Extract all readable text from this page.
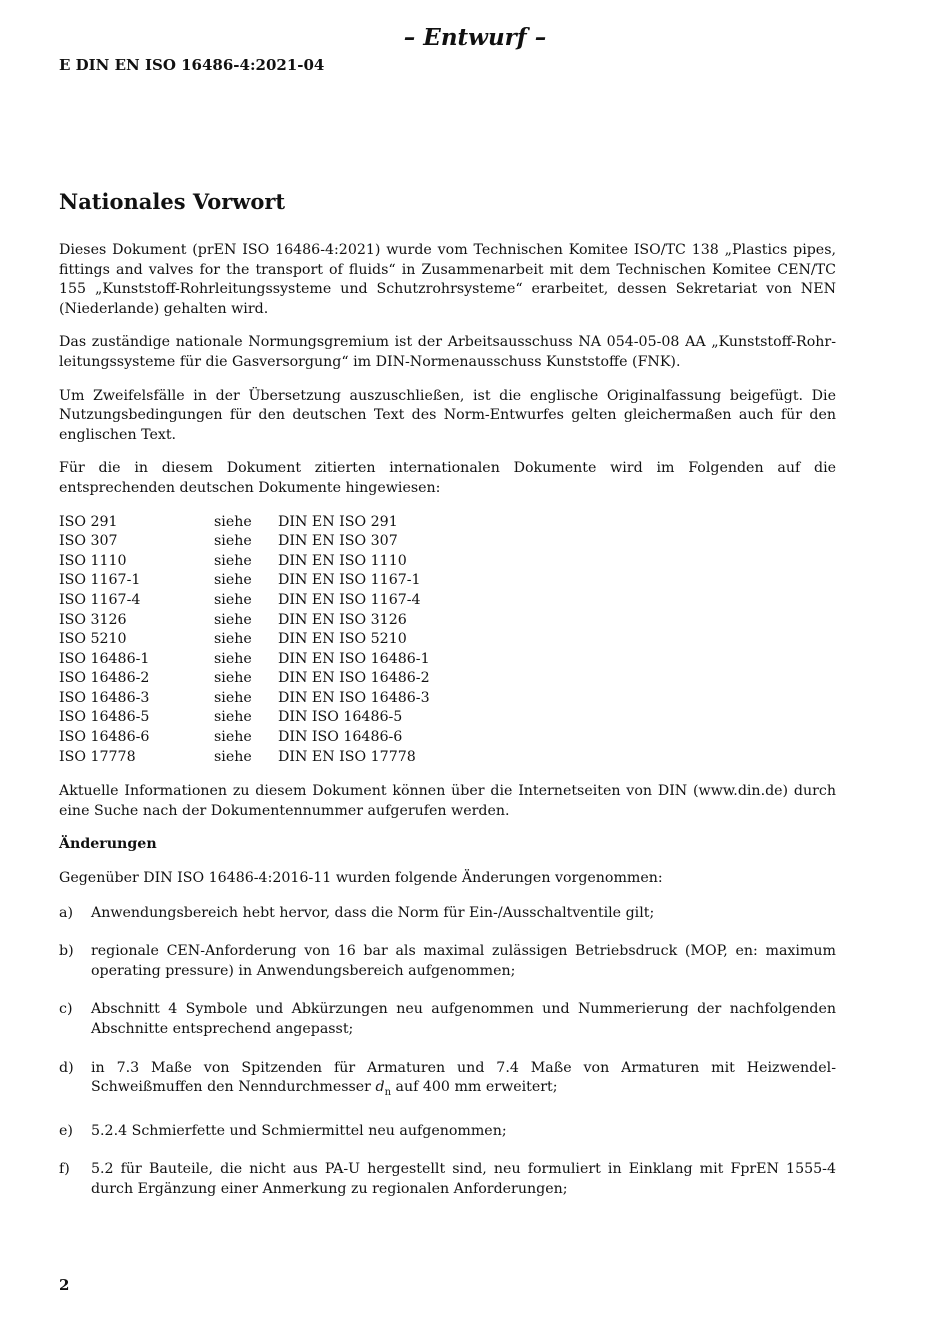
– Entwurf –
E DIN EN ISO 16486-4:2021-04
Nationales Vorwort

Dieses Dokument (prEN ISO 16486-4:2021) wurde vom Technischen Komitee ISO/TC 138 „Plastics pipes, fittings and valves for the transport of fluids“ in Zusammenarbeit mit dem Technischen Komitee CEN/TC 155 „Kunststoff-Rohrleitungssysteme und Schutzrohrsysteme“ erarbeitet, dessen Sekretariat von NEN (Niederlande) gehalten wird.

Das zuständige nationale Normungsgremium ist der Arbeitsausschuss NA 054-05-08 AA „Kunststoff-Rohrleitungssysteme für die Gasversorgung“ im DIN-Normenausschuss Kunststoffe (FNK).

Um Zweifelsfälle in der Übersetzung auszuschließen, ist die englische Originalfassung beigefügt. Die Nutzungsbedingungen für den deutschen Text des Norm-Entwurfes gelten gleichermaßen auch für den englischen Text.

Für die in diesem Dokument zitierten internationalen Dokumente wird im Folgenden auf die entsprechenden deutschen Dokumente hingewiesen:

ISO 291	siehe	DIN EN ISO 291
ISO 307	siehe	DIN EN ISO 307
ISO 1110	siehe	DIN EN ISO 1110
ISO 1167-1	siehe	DIN EN ISO 1167-1
ISO 1167-4	siehe	DIN EN ISO 1167-4
ISO 3126	siehe	DIN EN ISO 3126
ISO 5210	siehe	DIN EN ISO 5210
ISO 16486-1	siehe	DIN EN ISO 16486-1
ISO 16486-2	siehe	DIN EN ISO 16486-2
ISO 16486-3	siehe	DIN EN ISO 16486-3
ISO 16486-5	siehe	DIN ISO 16486-5
ISO 16486-6	siehe	DIN ISO 16486-6
ISO 17778	siehe	DIN EN ISO 17778

Aktuelle Informationen zu diesem Dokument können über die Internetseiten von DIN (www.din.de) durch eine Suche nach der Dokumentennummer aufgerufen werden.

Änderungen

Gegenüber DIN ISO 16486-4:2016-11 wurden folgende Änderungen vorgenommen:

a)	Anwendungsbereich hebt hervor, dass die Norm für Ein-/Ausschaltventile gilt;
b)	regionale CEN-Anforderung von 16 bar als maximal zulässigen Betriebsdruck (MOP, en: maximum operating pressure) in Anwendungsbereich aufgenommen;
c)	Abschnitt 4 Symbole und Abkürzungen neu aufgenommen und Nummerierung der nachfolgenden Abschnitte entsprechend angepasst;
d)	in 7.3 Maße von Spitzenden für Armaturen und 7.4 Maße von Armaturen mit Heizwendel-Schweißmuffen den Nenndurchmesser $d_n$ auf 400 mm erweitert;
e)	5.2.4 Schmierfette und Schmiermittel neu aufgenommen;
f)	5.2 für Bauteile, die nicht aus PA-U hergestellt sind, neu formuliert in Einklang mit FprEN 1555-4 durch Ergänzung einer Anmerkung zu regionalen Anforderungen;
2
